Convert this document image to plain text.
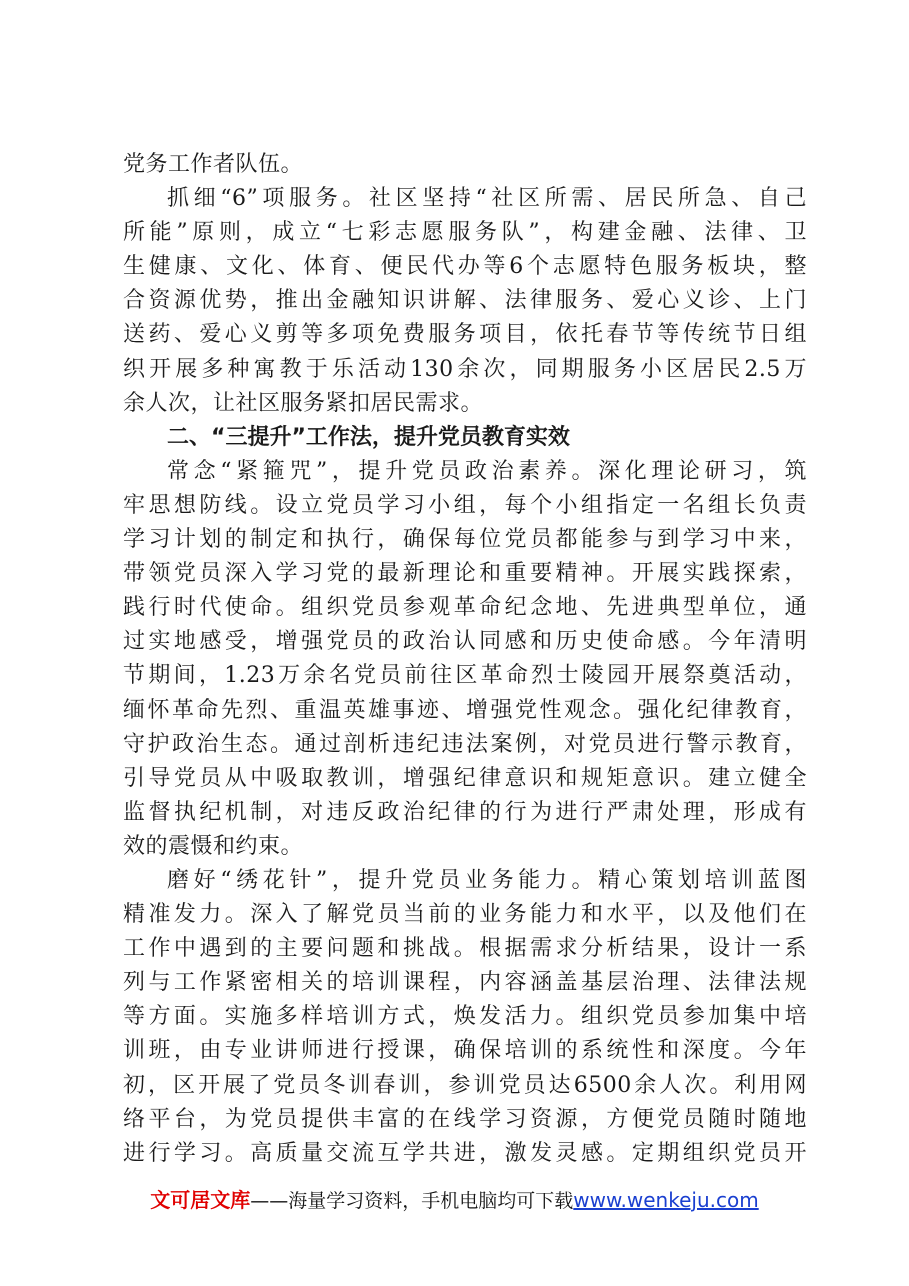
党务工作者队伍。
抓细“6”项服务。社区坚持“社区所需、居民所急、自己
所能”原则，成立“七彩志愿服务队”，构建金融、法律、卫
生健康、文化、体育、便民代办等6个志愿特色服务板块，整
合资源优势，推出金融知识讲解、法律服务、爱心义诊、上门
送药、爱心义剪等多项免费服务项目，依托春节等传统节日组
织开展多种寓教于乐活动130余次，同期服务小区居民2.5万
余人次，让社区服务紧扣居民需求。
二、“三提升”工作法，提升党员教育实效
常念“紧箍咒”，提升党员政治素养。深化理论研习，筑
牢思想防线。设立党员学习小组，每个小组指定一名组长负责
学习计划的制定和执行，确保每位党员都能参与到学习中来，
带领党员深入学习党的最新理论和重要精神。开展实践探索，
践行时代使命。组织党员参观革命纪念地、先进典型单位，通
过实地感受，增强党员的政治认同感和历史使命感。今年清明
节期间，1.23万余名党员前往区革命烈士陵园开展祭奠活动，
缅怀革命先烈、重温英雄事迹、增强党性观念。强化纪律教育，
守护政治生态。通过剖析违纪违法案例，对党员进行警示教育，
引导党员从中吸取教训，增强纪律意识和规矩意识。建立健全
监督执纪机制，对违反政治纪律的行为进行严肃处理，形成有
效的震慑和约束。
磨好“绣花针”，提升党员业务能力。精心策划培训蓝图
精准发力。深入了解党员当前的业务能力和水平，以及他们在
工作中遇到的主要问题和挑战。根据需求分析结果，设计一系
列与工作紧密相关的培训课程，内容涵盖基层治理、法律法规
等方面。实施多样培训方式，焕发活力。组织党员参加集中培
训班，由专业讲师进行授课，确保培训的系统性和深度。今年
初，区开展了党员冬训春训，参训党员达6500余人次。利用网
络平台，为党员提供丰富的在线学习资源，方便党员随时随地
进行学习。高质量交流互学共进，激发灵感。定期组织党员开
文可居文库——海量学习资料，手机电脑均可下载www.wenkeju.com
